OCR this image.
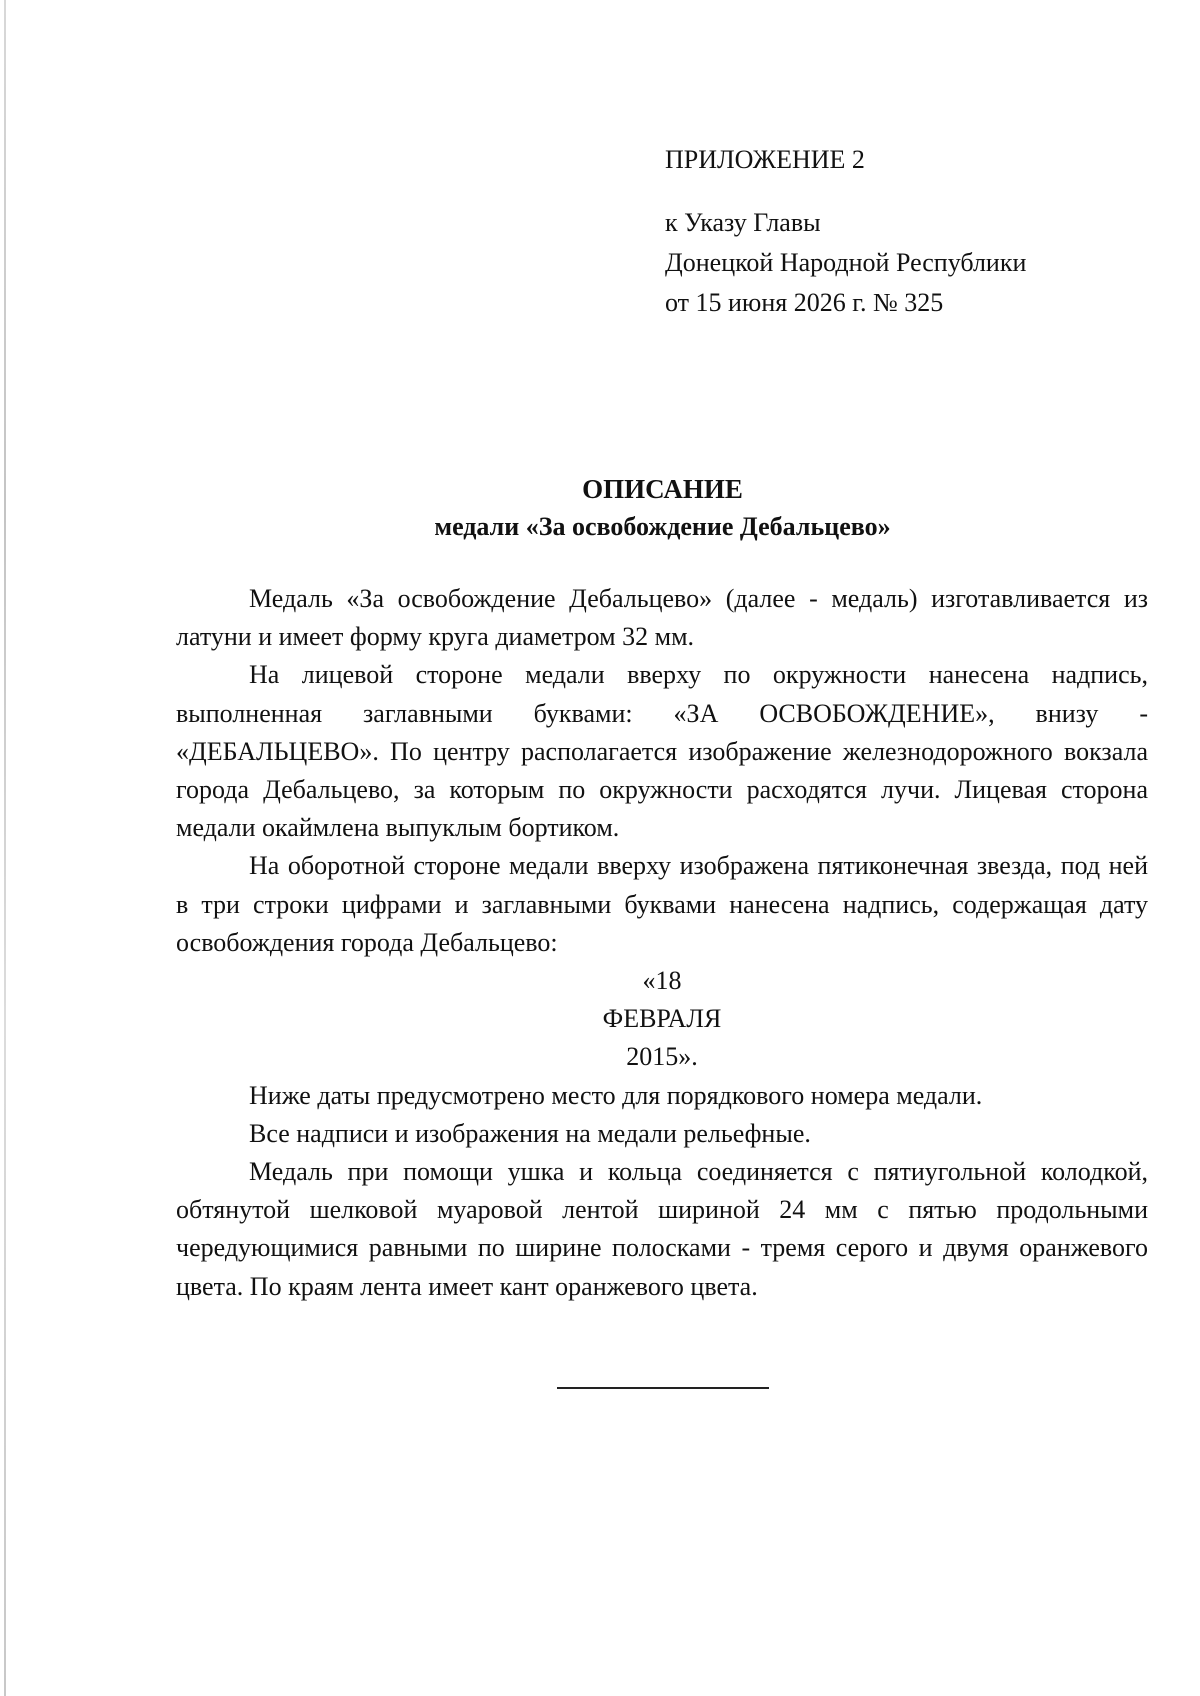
ПРИЛОЖЕНИЕ 2
к Указу Главы
Донецкой Народной Республики
от 15 июня 2026 г. № 325
ОПИСАНИЕ
медали «За освобождение Дебальцево»

Медаль «За освобождение Дебальцево» (далее - медаль) изготавливается из латуни и имеет форму круга диаметром 32 мм.

На лицевой стороне медали вверху по окружности нанесена надпись, выполненная заглавными буквами: «ЗА ОСВОБОЖДЕНИЕ», внизу - «ДЕБАЛЬЦЕВО». По центру располагается изображение железнодорожного вокзала города Дебальцево, за которым по окружности расходятся лучи. Лицевая сторона медали окаймлена выпуклым бортиком.

На оборотной стороне медали вверху изображена пятиконечная звезда, под ней в три строки цифрами и заглавными буквами нанесена надпись, содержащая дату освобождения города Дебальцево:

«18

ФЕВРАЛЯ

2015».

Ниже даты предусмотрено место для порядкового номера медали.

Все надписи и изображения на медали рельефные.

Медаль при помощи ушка и кольца соединяется с пятиугольной колодкой, обтянутой шелковой муаровой лентой шириной 24 мм с пятью продольными чередующимися равными по ширине полосками - тремя серого и двумя оранжевого цвета. По краям лента имеет кант оранжевого цвета.
